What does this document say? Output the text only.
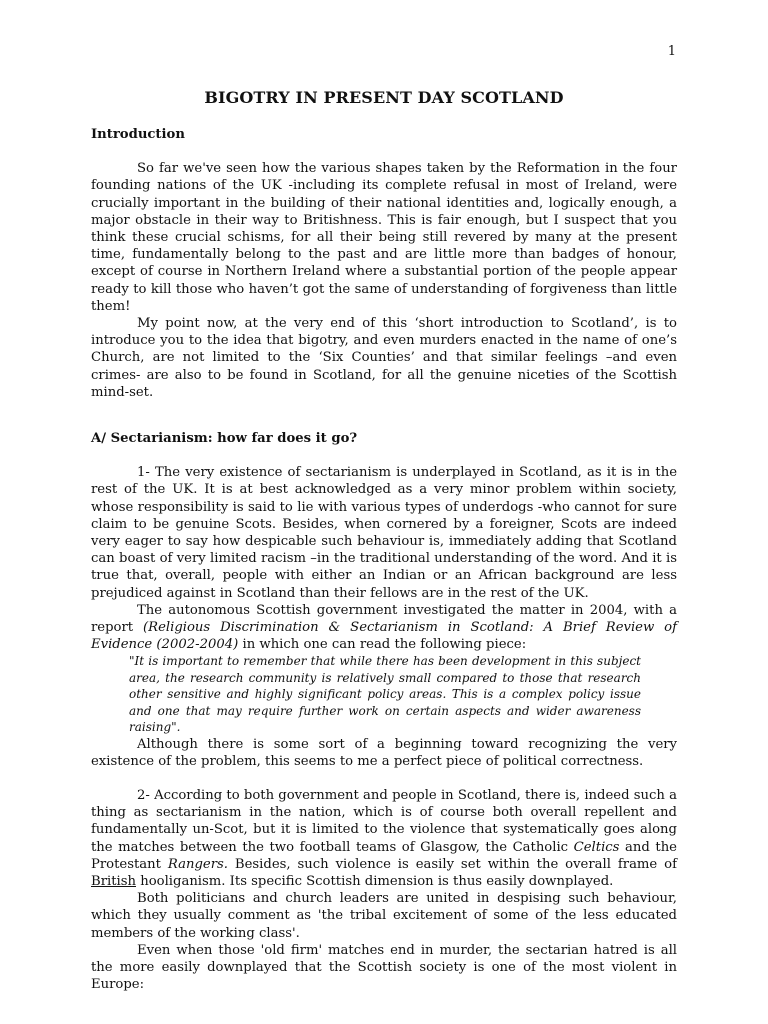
1
BIGOTRY IN PRESENT DAY SCOTLAND
Introduction

So far we've seen how the various shapes taken by the Reformation in the four founding nations of the UK -including its complete refusal in most of Ireland, were crucially important in the building of their national identities and, logically enough, a major obstacle in their way to Britishness. This is fair enough, but I suspect that you think these crucial schisms, for all their being still revered by many at the present time, fundamentally belong to the past and are little more than badges of honour, except of course in Northern Ireland where a substantial portion of the people appear ready to kill those who haven’t got the same of understanding of forgiveness than little them!

My point now, at the very end of this ‘short introduction to Scotland’, is to introduce you to the idea that bigotry, and even murders enacted in the name of one’s Church, are not limited to the ‘Six Counties’ and that similar feelings –and even crimes- are also to be found in Scotland, for all the genuine niceties of the Scottish mind-set.

A/ Sectarianism: how far does it go?

1- The very existence of sectarianism is underplayed in Scotland, as it is in the rest of the UK. It is at best acknowledged as a very minor problem within society, whose responsibility is said to lie with various types of underdogs -who cannot for sure claim to be genuine Scots. Besides, when cornered by a foreigner, Scots are indeed very eager to say how despicable such behaviour is, immediately adding that Scotland can boast of very limited racism –in the traditional understanding of the word. And it is true that, overall, people with either an Indian or an African background are less prejudiced against in Scotland than their fellows are in the rest of the UK.

The autonomous Scottish government investigated the matter in 2004, with a report (Religious Discrimination & Sectarianism in Scotland: A Brief Review of Evidence (2002-2004) in which one can read the following piece:

"It is important to remember that while there has been development in this subject area, the research community is relatively small compared to those that research other sensitive and highly significant policy areas. This is a complex policy issue and one that may require further work on certain aspects and wider awareness raising".

Although there is some sort of a beginning toward recognizing the very existence of the problem, this seems to me a perfect piece of political correctness.

2- According to both government and people in Scotland, there is, indeed such a thing as sectarianism in the nation, which is of course both overall repellent and fundamentally un-Scot, but it is limited to the violence that systematically goes along the matches between the two football teams of Glasgow, the Catholic Celtics and the Protestant Rangers. Besides, such violence is easily set within the overall frame of British hooliganism. Its specific Scottish dimension is thus easily downplayed.

Both politicians and church leaders are united in despising such behaviour, which they usually comment as 'the tribal excitement of some of the less educated members of the working class'.

Even when those 'old firm' matches end in murder, the sectarian hatred is all the more easily downplayed that the Scottish society is one of the most violent in Europe:
